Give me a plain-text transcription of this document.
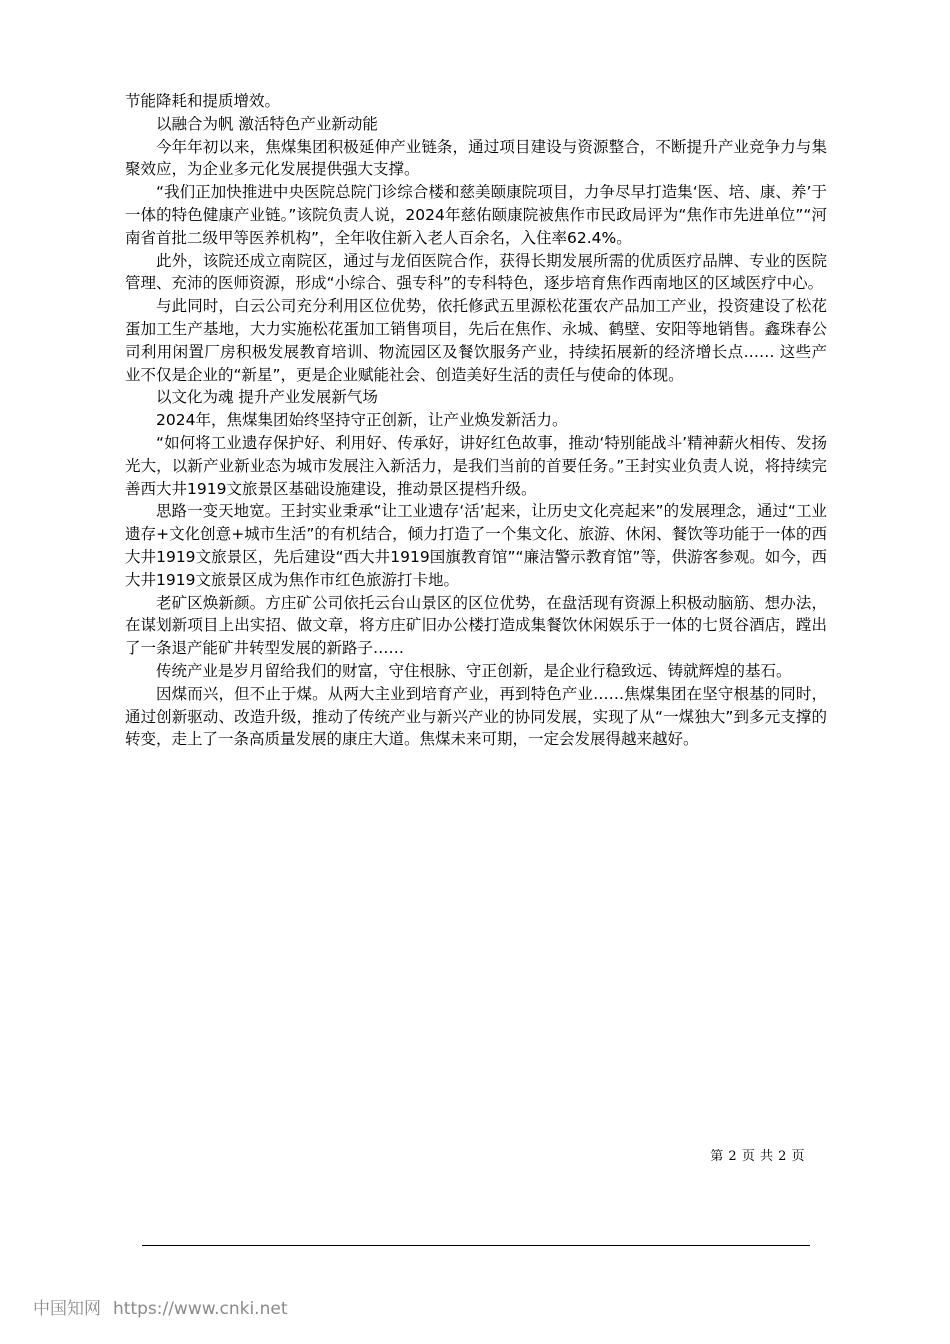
节能降耗和提质增效。

以融合为帆 激活特色产业新动能

今年年初以来，焦煤集团积极延伸产业链条，通过项目建设与资源整合，不断提升产业竞争力与集聚效应，为企业多元化发展提供强大支撑。

“我们正加快推进中央医院总院门诊综合楼和慈美颐康院项目，力争尽早打造集‘医、培、康、养’于一体的特色健康产业链。”该院负责人说，2024年慈佑颐康院被焦作市民政局评为“焦作市先进单位”“河南省首批二级甲等医养机构”，全年收住新入老人百余名，入住率62.4%。

此外，该院还成立南院区，通过与龙佰医院合作，获得长期发展所需的优质医疗品牌、专业的医院管理、充沛的医师资源，形成“小综合、强专科”的专科特色，逐步培育焦作西南地区的区域医疗中心。

与此同时，白云公司充分利用区位优势，依托修武五里源松花蛋农产品加工产业，投资建设了松花蛋加工生产基地，大力实施松花蛋加工销售项目，先后在焦作、永城、鹤壁、安阳等地销售。鑫珠春公司利用闲置厂房积极发展教育培训、物流园区及餐饮服务产业，持续拓展新的经济增长点…… 这些产业不仅是企业的“新星”，更是企业赋能社会、创造美好生活的责任与使命的体现。

以文化为魂 提升产业发展新气场

2024年，焦煤集团始终坚持守正创新，让产业焕发新活力。

“如何将工业遗存保护好、利用好、传承好，讲好红色故事，推动‘特别能战斗’精神薪火相传、发扬光大，以新产业新业态为城市发展注入新活力，是我们当前的首要任务。”王封实业负责人说，将持续完善西大井1919文旅景区基础设施建设，推动景区提档升级。

思路一变天地宽。王封实业秉承“让工业遗存‘活’起来，让历史文化亮起来”的发展理念，通过“工业遗存+文化创意+城市生活”的有机结合，倾力打造了一个集文化、旅游、休闲、餐饮等功能于一体的西大井1919文旅景区，先后建设“西大井1919国旗教育馆”“廉洁警示教育馆”等，供游客参观。如今，西大井1919文旅景区成为焦作市红色旅游打卡地。

老矿区焕新颜。方庄矿公司依托云台山景区的区位优势，在盘活现有资源上积极动脑筋、想办法，在谋划新项目上出实招、做文章，将方庄矿旧办公楼打造成集餐饮休闲娱乐于一体的七贤谷酒店，蹚出了一条退产能矿井转型发展的新路子……

传统产业是岁月留给我们的财富，守住根脉、守正创新，是企业行稳致远、铸就辉煌的基石。

因煤而兴，但不止于煤。从两大主业到培育产业，再到特色产业……焦煤集团在坚守根基的同时，通过创新驱动、改造升级，推动了传统产业与新兴产业的协同发展，实现了从“一煤独大”到多元支撑的转变，走上了一条高质量发展的康庄大道。焦煤未来可期，一定会发展得越来越好。

第 2 页 共 2 页
中国知网 https://www.cnki.net
